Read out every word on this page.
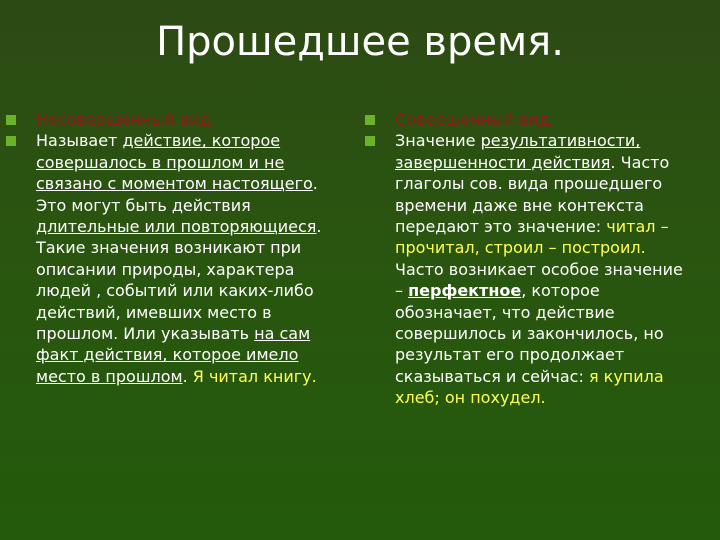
Прошедшее время.
Несовершенный вид.
Называет действие, которое совершалось в прошлом и не связано с моментом настоящего. Это могут быть действия длительные или повторяющиеся. Такие значения возникают при описании природы, характера людей , событий или каких-либо действий, имевших место в прошлом. Или указывать на сам факт действия, которое имело место в прошлом. Я читал книгу.
Совершенный вид.
Значение результативности, завершенности действия. Часто глаголы сов. вида прошедшего времени даже вне контекста передают это значение: читал – прочитал, строил – построил. Часто возникает особое значение – перфектное, которое обозначает, что действие совершилось и закончилось, но результат его продолжает сказываться и сейчас: я купила хлеб; он похудел.
